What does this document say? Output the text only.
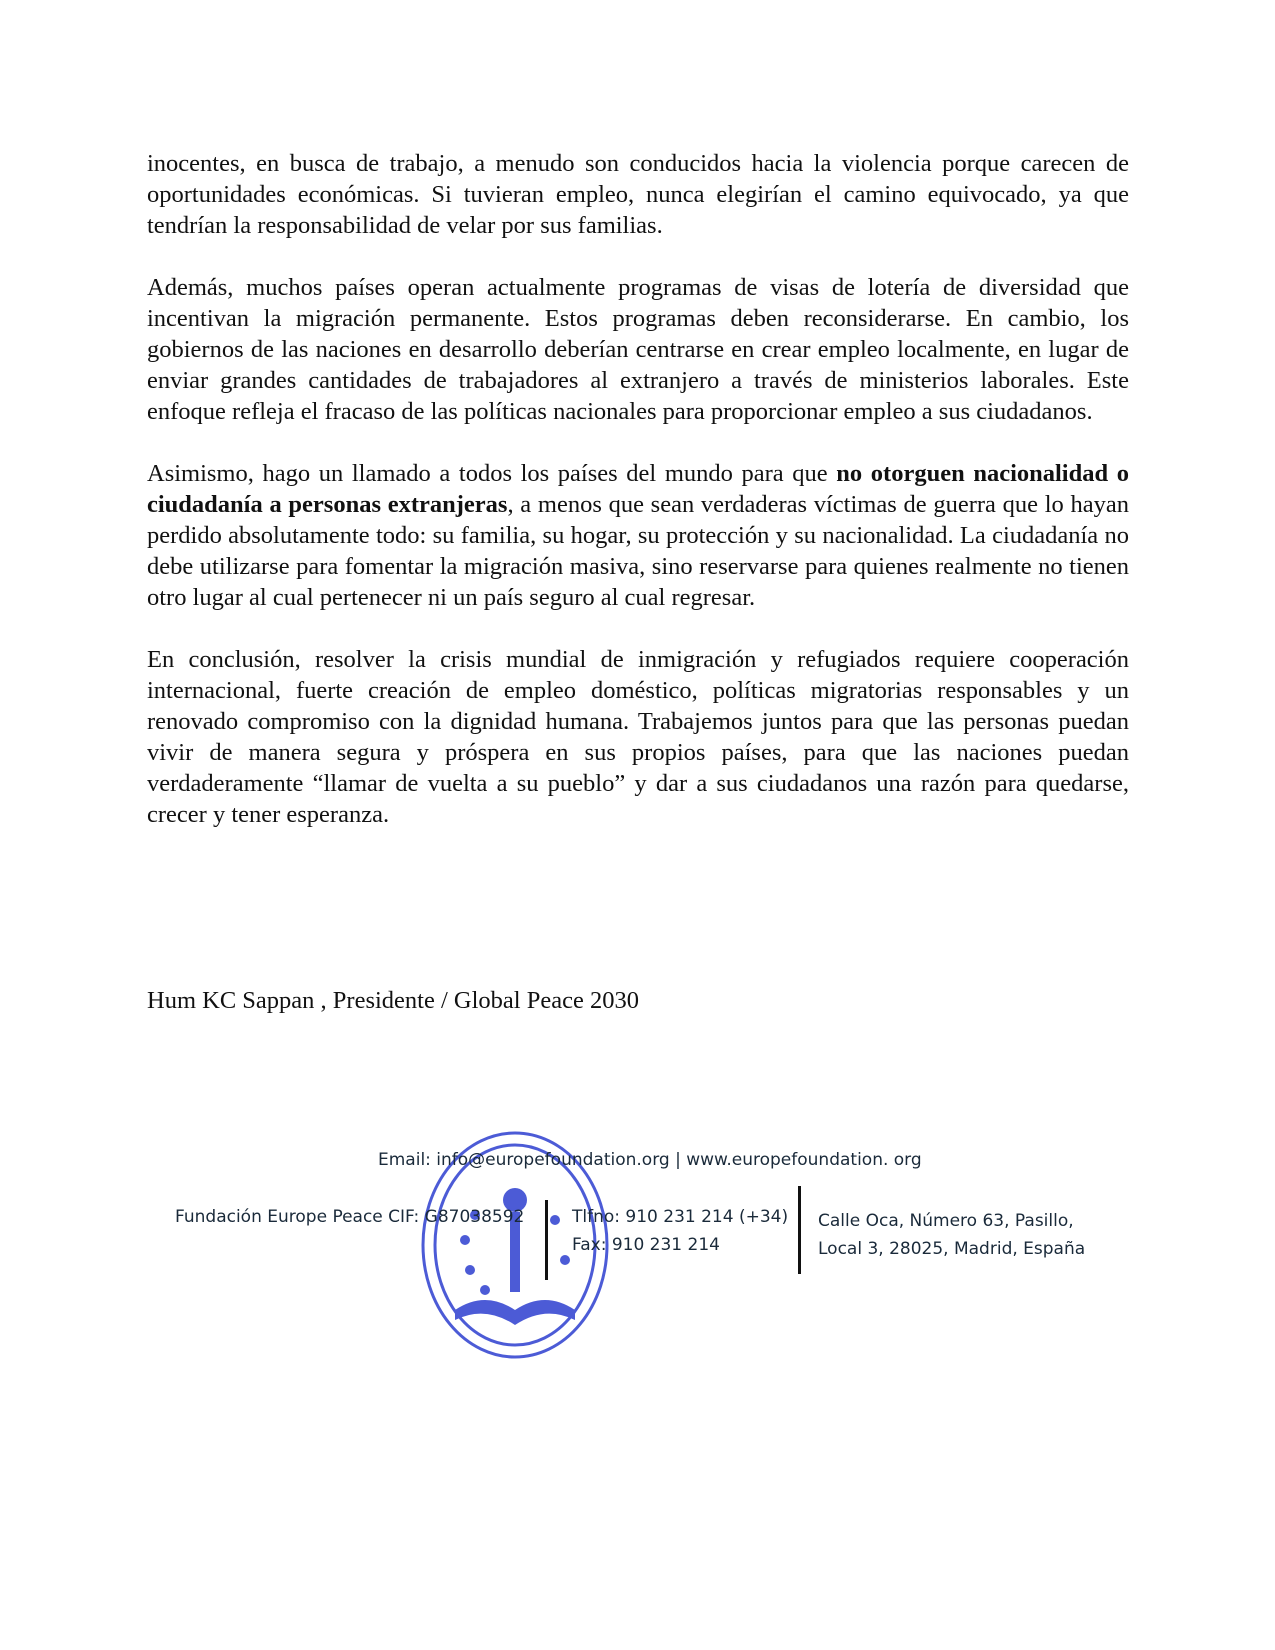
inocentes, en busca de trabajo, a menudo son conducidos hacia la violencia porque carecen de oportunidades económicas. Si tuvieran empleo, nunca elegirían el camino equivocado, ya que tendrían la responsabilidad de velar por sus familias.

Además, muchos países operan actualmente programas de visas de lotería de diversidad que incentivan la migración permanente. Estos programas deben reconsiderarse. En cambio, los gobiernos de las naciones en desarrollo deberían centrarse en crear empleo localmente, en lugar de enviar grandes cantidades de trabajadores al extranjero a través de ministerios laborales. Este enfoque refleja el fracaso de las políticas nacionales para proporcionar empleo a sus ciudadanos.

Asimismo, hago un llamado a todos los países del mundo para que no otorguen nacionalidad o ciudadanía a personas extranjeras, a menos que sean verdaderas víctimas de guerra que lo hayan perdido absolutamente todo: su familia, su hogar, su protección y su nacionalidad. La ciudadanía no debe utilizarse para fomentar la migración masiva, sino reservarse para quienes realmente no tienen otro lugar al cual pertenecer ni un país seguro al cual regresar.

En conclusión, resolver la crisis mundial de inmigración y refugiados requiere cooperación internacional, fuerte creación de empleo doméstico, políticas migratorias responsables y un renovado compromiso con la dignidad humana. Trabajemos juntos para que las personas puedan vivir de manera segura y próspera en sus propios países, para que las naciones puedan verdaderamente “llamar de vuelta a su pueblo” y dar a sus ciudadanos una razón para quedarse, crecer y tener esperanza.

Hum KC Sappan , Presidente / Global Peace 2030
Email: info@europefoundation.org | www.europefoundation. org
Fundación Europe Peace CIF: G87038592	Tlfno: 910 231 214 (+34)
Fax: 910 231 214
Calle Oca, Número 63, Pasillo,
Local 3, 28025, Madrid, España
